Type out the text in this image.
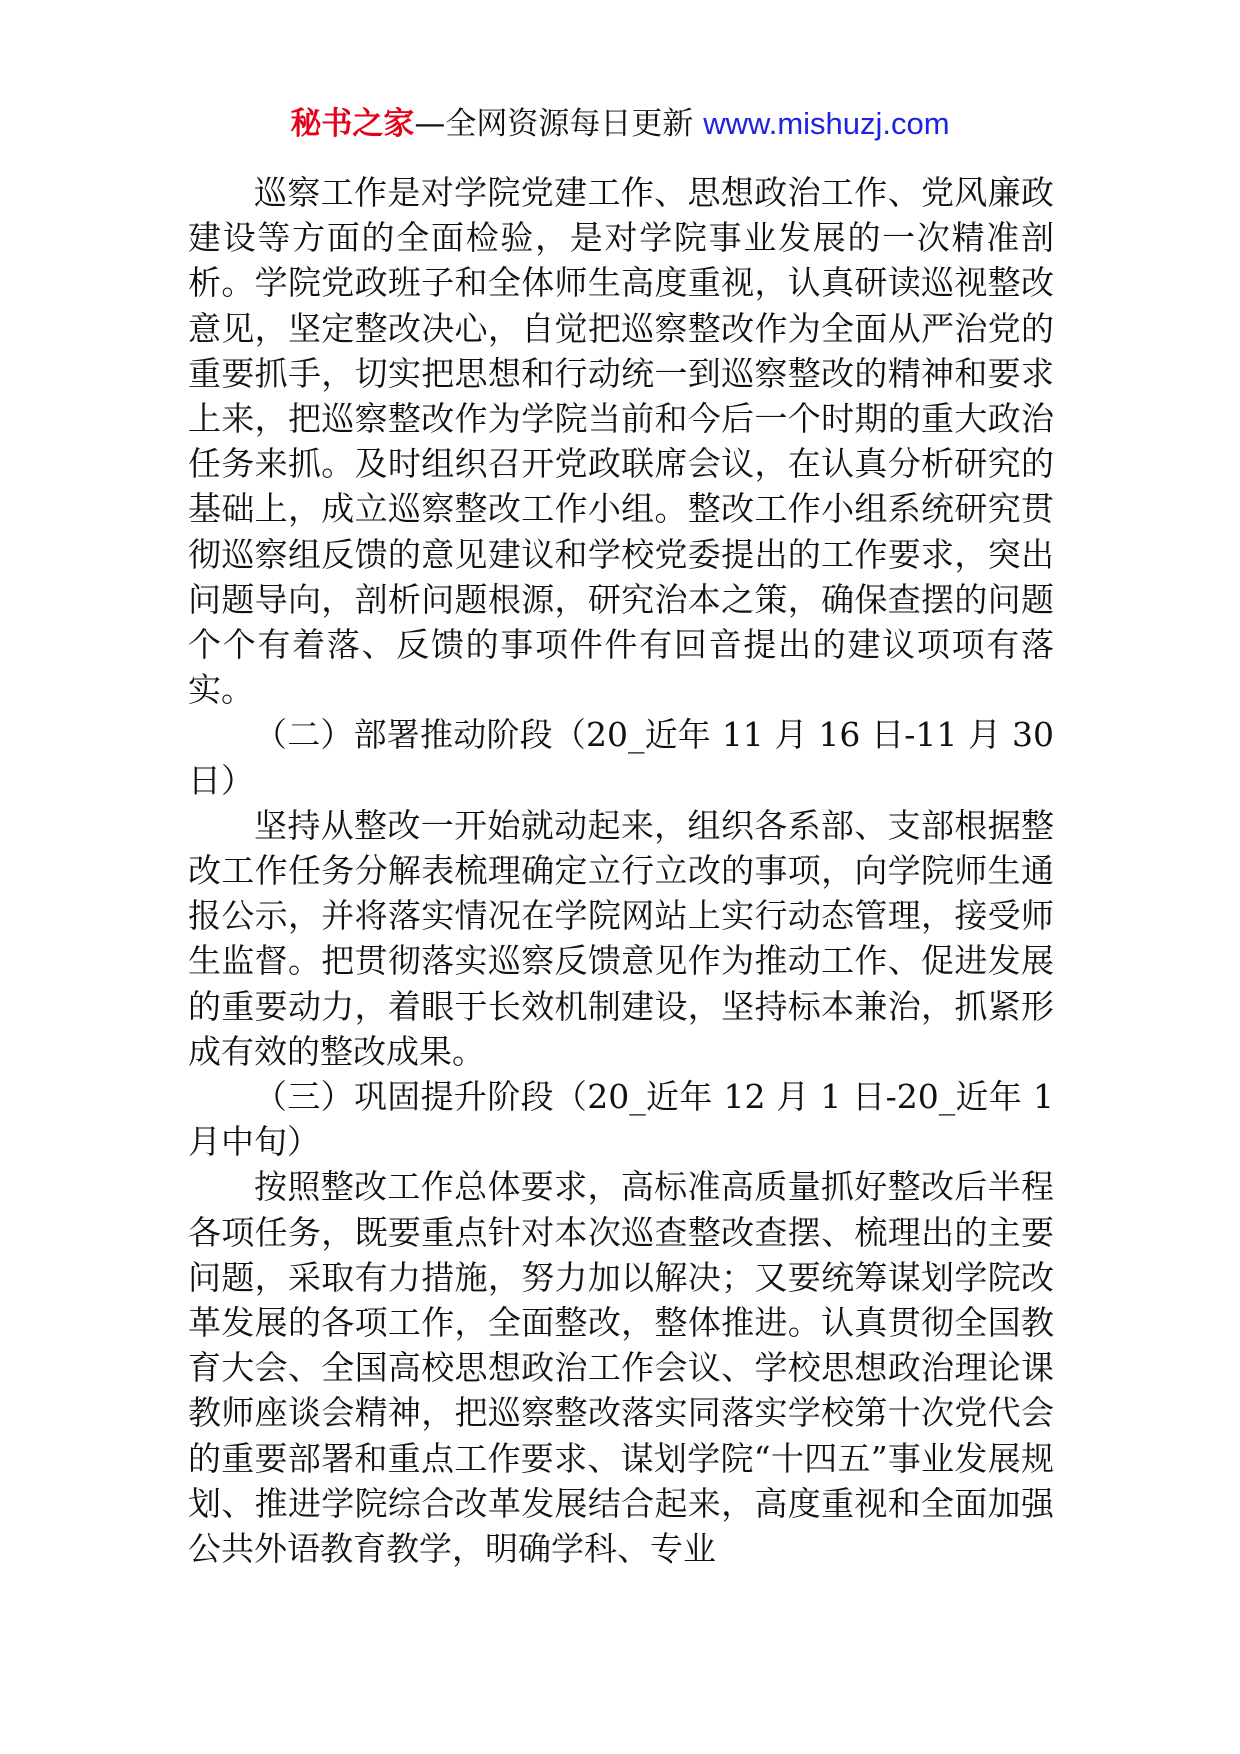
秘书之家—全网资源每日更新 www.mishuzj.com

巡察工作是对学院党建工作、思想政治工作、党风廉政建设等方面的全面检验，是对学院事业发展的一次精准剖析。学院党政班子和全体师生高度重视，认真研读巡视整改意见，坚定整改决心，自觉把巡察整改作为全面从严治党的重要抓手，切实把思想和行动统一到巡察整改的精神和要求上来，把巡察整改作为学院当前和今后一个时期的重大政治任务来抓。及时组织召开党政联席会议，在认真分析研究的基础上，成立巡察整改工作小组。整改工作小组系统研究贯彻巡察组反馈的意见建议和学校党委提出的工作要求，突出问题导向，剖析问题根源，研究治本之策，确保查摆的问题个个有着落、反馈的事项件件有回音提出的建议项项有落实。

（二）部署推动阶段（20_近年 11 月 16 日-11 月 30 日）

坚持从整改一开始就动起来，组织各系部、支部根据整改工作任务分解表梳理确定立行立改的事项，向学院师生通报公示，并将落实情况在学院网站上实行动态管理，接受师生监督。把贯彻落实巡察反馈意见作为推动工作、促进发展的重要动力，着眼于长效机制建设，坚持标本兼治，抓紧形成有效的整改成果。

（三）巩固提升阶段（20_近年 12 月 1 日-20_近年 1 月中旬）

按照整改工作总体要求，高标准高质量抓好整改后半程各项任务，既要重点针对本次巡查整改查摆、梳理出的主要问题，采取有力措施，努力加以解决；又要统筹谋划学院改革发展的各项工作，全面整改，整体推进。认真贯彻全国教育大会、全国高校思想政治工作会议、学校思想政治理论课教师座谈会精神，把巡察整改落实同落实学校第十次党代会的重要部署和重点工作要求、谋划学院“十四五”事业发展规划、推进学院综合改革发展结合起来，高度重视和全面加强公共外语教育教学，明确学科、专业
